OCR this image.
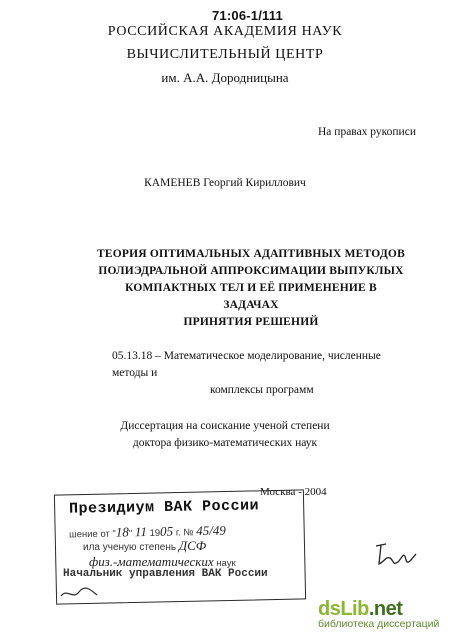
71:06-1/111
РОССИЙСКАЯ АКАДЕМИЯ НАУК
ВЫЧИСЛИТЕЛЬНЫЙ ЦЕНТР
им. А.А. Дородницына
На правах рукописи
КАМЕНЕВ Георгий Кириллович
ТЕОРИЯ ОПТИМАЛЬНЫХ АДАПТИВНЫХ МЕТОДОВ
ПОЛИЭДРАЛЬНОЙ АППРОКСИМАЦИИ ВЫПУКЛЫХ
КОМПАКТНЫХ ТЕЛ И ЕЁ ПРИМЕНЕНИЕ В ЗАДАЧАХ
ПРИНЯТИЯ РЕШЕНИЙ
05.13.18 – Математическое моделирование, численные методы и
комплексы программ
Диссертация на соискание ученой степени
доктора физико-математических наук
Москва - 2004
Президиум ВАК России
шение от "18" 11 1905 г. № 45/49
ила ученую степень ДСФ
физ.-математических наук
Начальник управления ВАК России
dsLib.net
библиотека диссертаций
